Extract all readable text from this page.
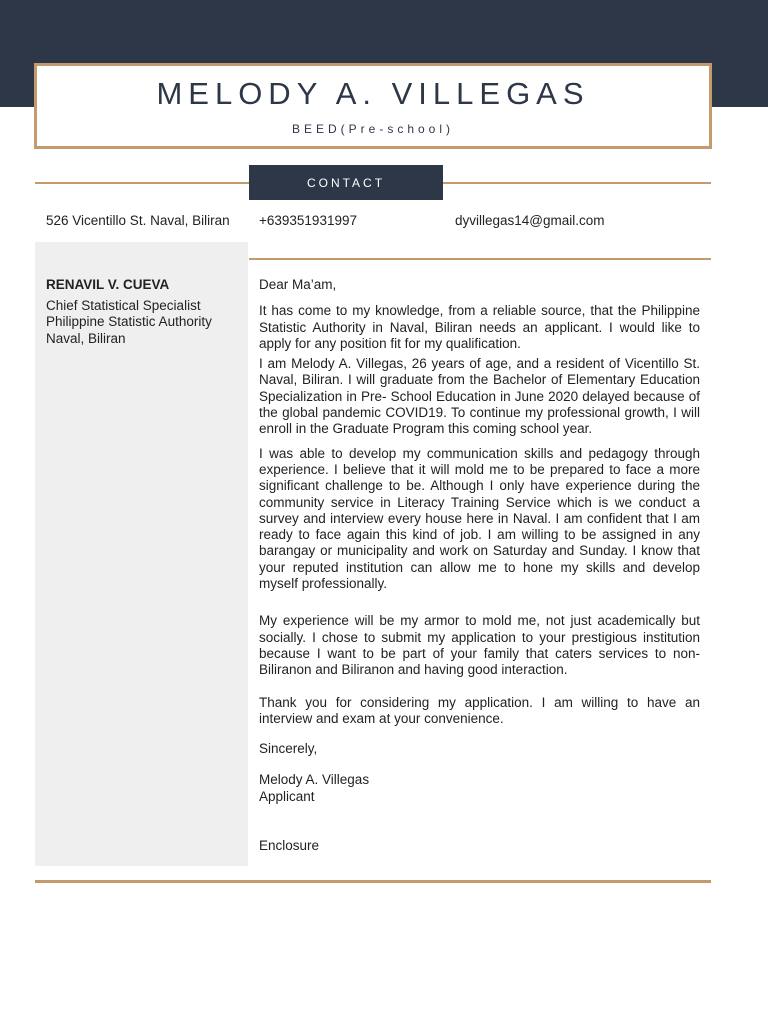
MELODY A. VILLEGAS
BEED(Pre-school)
CONTACT
526 Vicentillo St. Naval, Biliran +639351931997	dyvillegas14@gmail.com
RENAVIL V. CUEVA
Chief Statistical Specialist
Philippine Statistic Authority
Naval, Biliran

Dear Ma’am,

It has come to my knowledge, from a reliable source, that the Philippine Statistic Authority in Naval, Biliran needs an applicant. I would like to apply for any position fit for my qualification.

I am Melody A. Villegas, 26 years of age, and a resident of Vicentillo St. Naval, Biliran. I will graduate from the Bachelor of Elementary Education Specialization in Pre- School Education in June 2020 delayed because of the global pandemic COVID19. To continue my professional growth, I will enroll in the Graduate Program this coming school year.

I was able to develop my communication skills and pedagogy through experience. I believe that it will mold me to be prepared to face a more significant challenge to be. Although I only have experience during the community service in Literacy Training Service which is we conduct a survey and interview every house here in Naval. I am confident that I am ready to face again this kind of job. I am willing to be assigned in any barangay or municipality and work on Saturday and Sunday. I know that your reputed institution can allow me to hone my skills and develop myself professionally.

My experience will be my armor to mold me, not just academically but socially. I chose to submit my application to your prestigious institution because I want to be part of your family that caters services to non-Biliranon and Biliranon and having good interaction.

Thank you for considering my application. I am willing to have an interview and exam at your convenience.

Sincerely,

Melody A. Villegas

Applicant

Enclosure
